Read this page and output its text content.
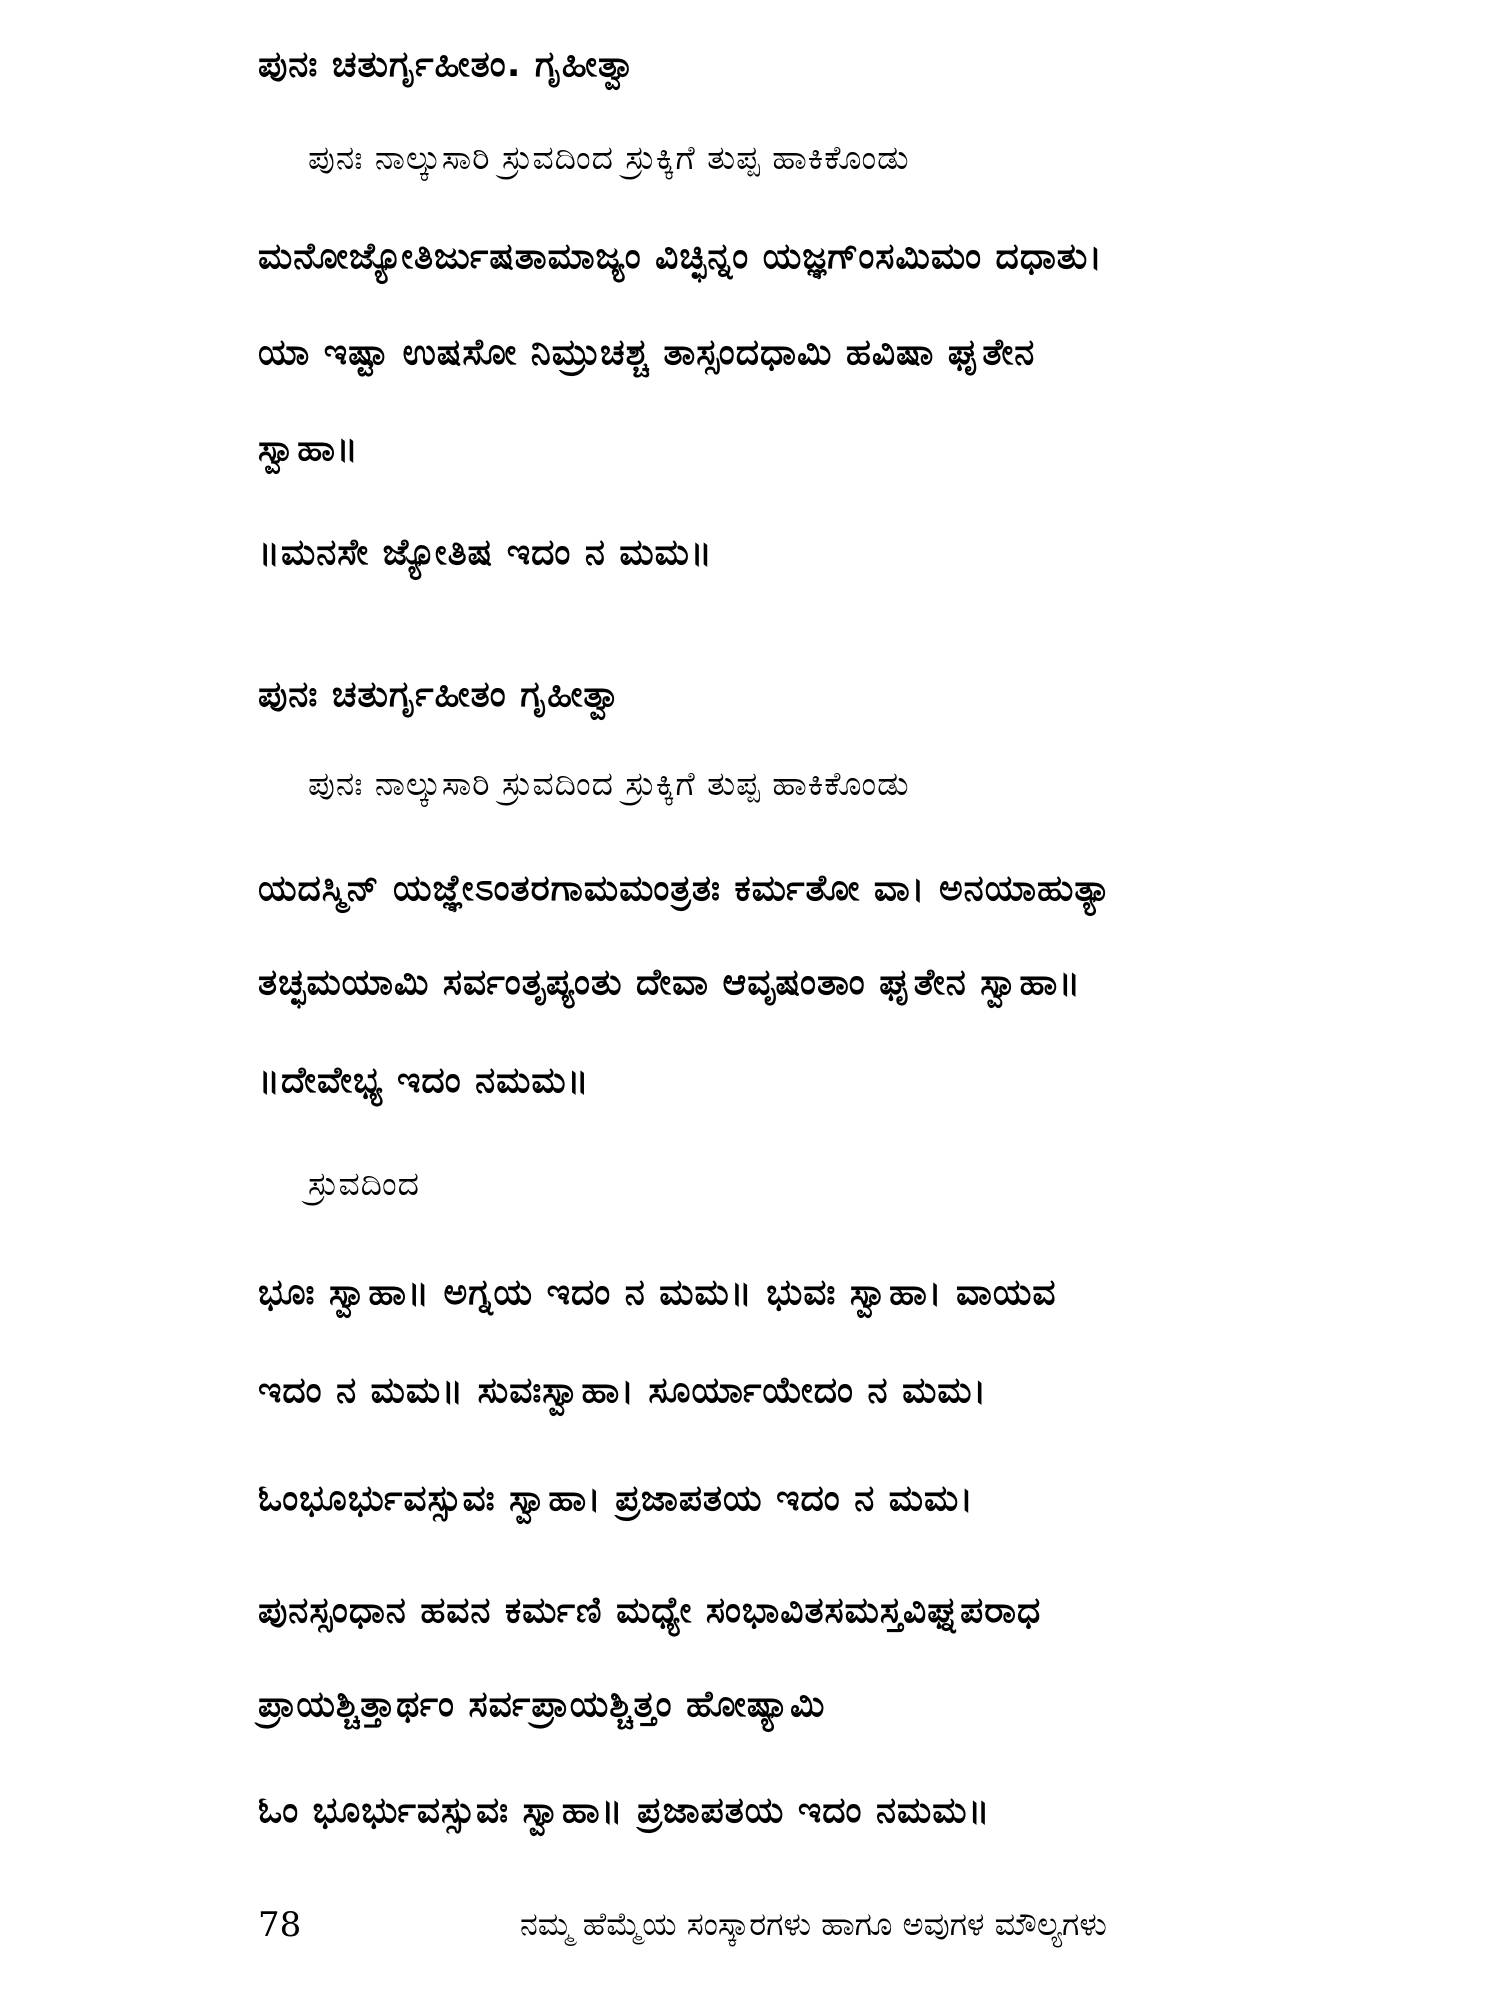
ಪುನಃ ಚತುರ್ಗೃಹೀತಂ. ಗೃಹೀತ್ವಾ
ಪುನಃ ನಾಲ್ಕುಸಾರಿ ಸ್ರುವದಿಂದ ಸ್ರುಕ್ಕಿಗೆ ತುಪ್ಪ ಹಾಕಿಕೊಂಡು
ಮನೋಜ್ಯೋತಿರ್ಜುಷತಾಮಾಜ್ಯಂ ವಿಚ್ಛಿನ್ನಂ ಯಜ್ಞಗ್ಂಸಮಿಮಂ ದಧಾತು।
ಯಾ ಇಷ್ಟಾ ಉಷಸೋ ನಿಮ್ರುಚಶ್ಚ ತಾಸ್ಸಂದಧಾಮಿ ಹವಿಷಾ ಘೃತೇನ
ಸ್ವಾಹಾ॥
॥ಮನಸೇ ಜ್ಯೋತಿಷ ಇದಂ ನ ಮಮ॥
ಪುನಃ ಚತುರ್ಗೃಹೀತಂ ಗೃಹೀತ್ವಾ
ಪುನಃ ನಾಲ್ಕುಸಾರಿ ಸ್ರುವದಿಂದ ಸ್ರುಕ್ಕಿಗೆ ತುಪ್ಪ ಹಾಕಿಕೊಂಡು
ಯದಸ್ಮಿನ್ ಯಜ್ಞೇಽಂತರಗಾಮಮಂತ್ರತಃ ಕರ್ಮತೋ ವಾ। ಅನಯಾಹುತ್ಯಾ
ತಚ್ಛಮಯಾಮಿ ಸರ್ವಂತೃಪ್ಯಂತು ದೇವಾ ಆವೃಷಂತಾಂ ಘೃತೇನ ಸ್ವಾಹಾ॥
॥ದೇವೇಭ್ಯ ಇದಂ ನಮಮ॥
ಸ್ರುವದಿಂದ
ಭೂಃ ಸ್ವಾಹಾ॥ ಅಗ್ನಯ ಇದಂ ನ ಮಮ॥ ಭುವಃ ಸ್ವಾಹಾ। ವಾಯವ
ಇದಂ ನ ಮಮ॥ ಸುವಃಸ್ವಾಹಾ। ಸೂರ್ಯಾಯೇದಂ ನ ಮಮ।
ಓಂಭೂರ್ಭುವಸ್ಸುವಃ ಸ್ವಾಹಾ। ಪ್ರಜಾಪತಯ ಇದಂ ನ ಮಮ।
ಪುನಸ್ಸಂಧಾನ ಹವನ ಕರ್ಮಣಿ ಮಧ್ಯೇ ಸಂಭಾವಿತಸಮಸ್ತವಿಘ್ನಪರಾಧ
ಪ್ರಾಯಶ್ಚಿತ್ತಾರ್ಥಂ ಸರ್ವಪ್ರಾಯಶ್ಚಿತ್ತಂ ಹೋಷ್ಯಾಮಿ
ಓಂ ಭೂರ್ಭುವಸ್ಸುವಃ ಸ್ವಾಹಾ॥ ಪ್ರಜಾಪತಯ ಇದಂ ನಮಮ॥
78	ನಮ್ಮ ಹೆಮ್ಮೆಯ ಸಂಸ್ಕಾರಗಳು ಹಾಗೂ ಅವುಗಳ ಮೌಲ್ಯಗಳು
